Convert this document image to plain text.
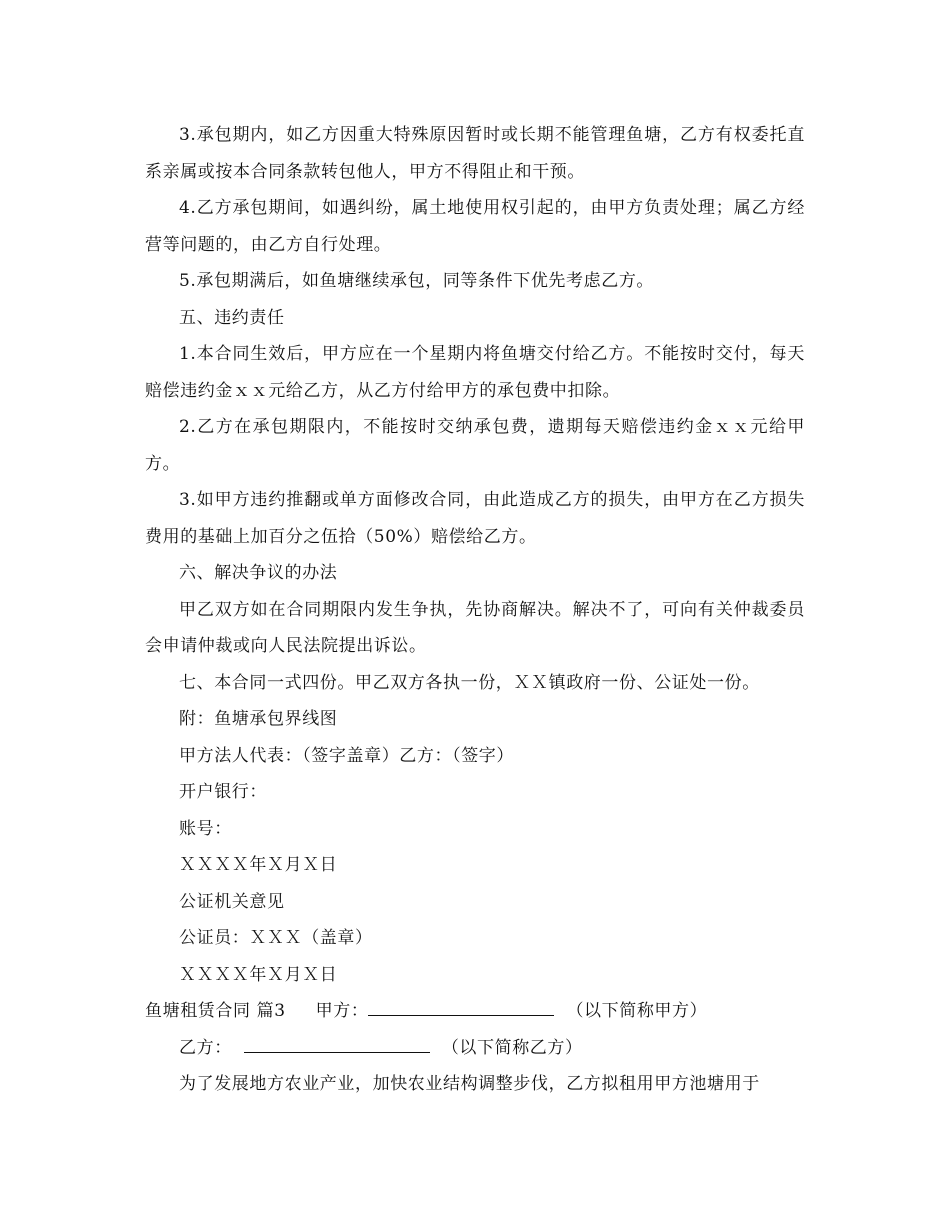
3.承包期内，如乙方因重大特殊原因暂时或长期不能管理鱼塘，乙方有权委托直系亲属或按本合同条款转包他人，甲方不得阻止和干预。

4.乙方承包期间，如遇纠纷，属土地使用权引起的，由甲方负责处理；属乙方经营等问题的，由乙方自行处理。

5.承包期满后，如鱼塘继续承包，同等条件下优先考虑乙方。

五、违约责任

1.本合同生效后，甲方应在一个星期内将鱼塘交付给乙方。不能按时交付，每天赔偿违约金ｘｘ元给乙方，从乙方付给甲方的承包费中扣除。

2.乙方在承包期限内，不能按时交纳承包费，遗期每天赔偿违约金ｘｘ元给甲方。

3.如甲方违约推翻或单方面修改合同，由此造成乙方的损失，由甲方在乙方损失费用的基础上加百分之伍拾（50%）赔偿给乙方。

六、解决争议的办法

甲乙双方如在合同期限内发生争执，先协商解决。解决不了，可向有关仲裁委员会申请仲裁或向人民法院提出诉讼。

七、本合同一式四份。甲乙双方各执一份，ＸＸ镇政府一份、公证处一份。

附：鱼塘承包界线图

甲方法人代表：（签字盖章）乙方：（签字）

开户银行：

账号：

ＸＸＸＸ年Ｘ月Ｘ日

公证机关意见

公证员：ＸＸＸ（盖章）

ＸＸＸＸ年Ｘ月Ｘ日

鱼塘租赁合同 篇3 甲方：	（以下简称甲方）

乙方：	（以下简称乙方）

为了发展地方农业产业，加快农业结构调整步伐，乙方拟租用甲方池塘用于
